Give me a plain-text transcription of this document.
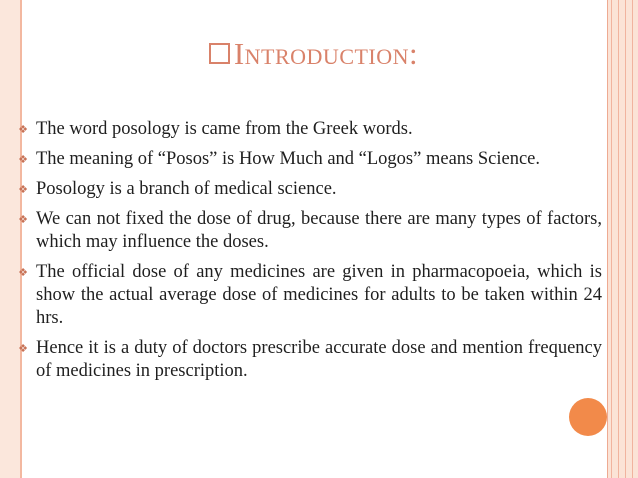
Introduction:
❖ The word posology is came from the Greek words.
❖ The meaning of “Posos” is How Much and “Logos” means Science.
❖ Posology is a branch of medical science.
❖ We can not fixed the dose of drug, because there are many types of factors, which may influence the doses.
❖ The official dose of any medicines are given in pharmacopoeia, which is show the actual average dose of medicines for adults to be taken within 24 hrs.
❖ Hence it is a duty of doctors prescribe accurate dose and mention frequency of medicines in prescription.
